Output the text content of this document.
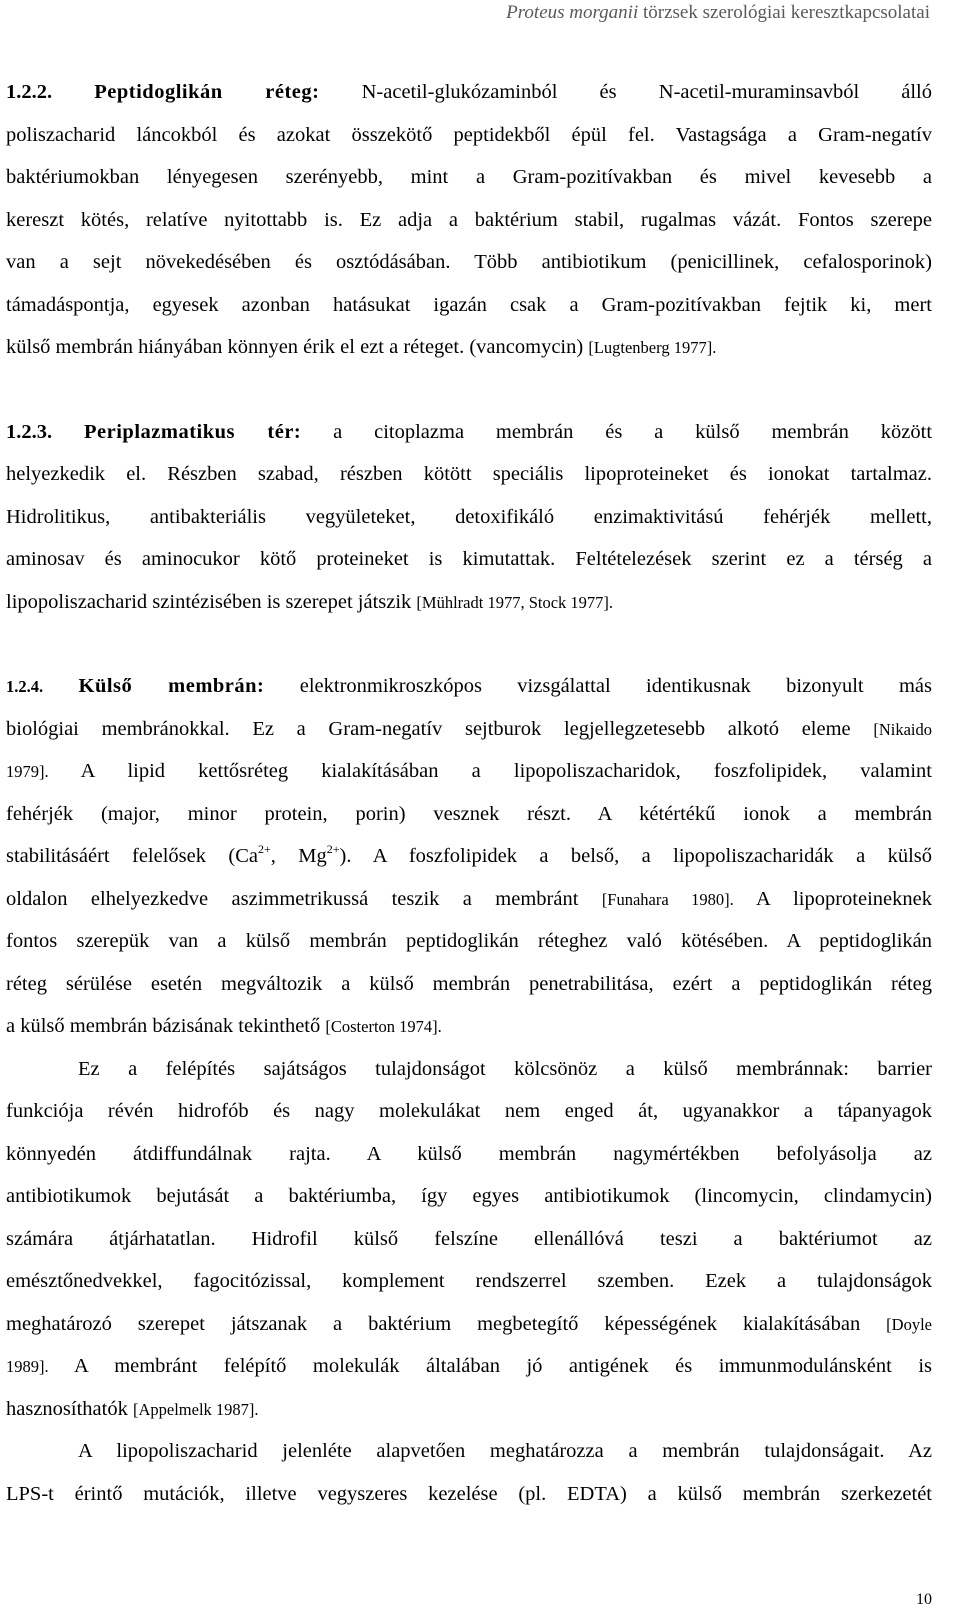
Proteus morganii törzsek szerológiai keresztkapcsolatai
1.2.2. Peptidoglikán réteg: N-acetil-glukózaminból és N-acetil-muraminsavból álló
poliszacharid láncokból és azokat összekötő peptidekből épül fel. Vastagsága a Gram-negatív
baktériumokban lényegesen szerényebb, mint a Gram-pozitívakban és mivel kevesebb a
kereszt kötés, relatíve nyitottabb is. Ez adja a baktérium stabil, rugalmas vázát. Fontos szerepe
van a sejt növekedésében és osztódásában. Több antibiotikum (penicillinek, cefalosporinok)
támadáspontja, egyesek azonban hatásukat igazán csak a Gram-pozitívakban fejtik ki, mert
külső membrán hiányában könnyen érik el ezt a réteget. (vancomycin) [Lugtenberg 1977].
1.2.3. Periplazmatikus tér: a citoplazma membrán és a külső membrán között
helyezkedik el. Részben szabad, részben kötött speciális lipoproteineket és ionokat tartalmaz.
Hidrolitikus, antibakteriális vegyületeket, detoxifikáló enzimaktivitású fehérjék mellett,
aminosav és aminocukor kötő proteineket is kimutattak. Feltételezések szerint ez a térség a
lipopoliszacharid szintézisében is szerepet játszik [Mühlradt 1977, Stock 1977].
1.2.4. Külső membrán: elektronmikroszkópos vizsgálattal identikusnak bizonyult más
biológiai membránokkal. Ez a Gram-negatív sejtburok legjellegzetesebb alkotó eleme [Nikaido
1979]. A lipid kettősréteg kialakításában a lipopoliszacharidok, foszfolipidek, valamint
fehérjék (major, minor protein, porin) vesznek részt. A kétértékű ionok a membrán
stabilitásáért felelősek ($Ca^{2+}$, $Mg^{2+}$). A foszfolipidek a belső, a lipopoliszacharidák a külső
oldalon elhelyezkedve aszimmetrikussá teszik a membránt [Funahara 1980]. A lipoproteineknek
fontos szerepük van a külső membrán peptidoglikán réteghez való kötésében. A peptidoglikán
réteg sérülése esetén megváltozik a külső membrán penetrabilitása, ezért a peptidoglikán réteg
a külső membrán bázisának tekinthető [Costerton 1974].
Ez a felépítés sajátságos tulajdonságot kölcsönöz a külső membránnak: barrier
funkciója révén hidrofób és nagy molekulákat nem enged át, ugyanakkor a tápanyagok
könnyedén átdiffundálnak rajta. A külső membrán nagymértékben befolyásolja az
antibiotikumok bejutását a baktériumba, így egyes antibiotikumok (lincomycin, clindamycin)
számára átjárhatatlan. Hidrofil külső felszíne ellenállóvá teszi a baktériumot az
emésztőnedvekkel, fagocitózissal, komplement rendszerrel szemben. Ezek a tulajdonságok
meghatározó szerepet játszanak a baktérium megbetegítő képességének kialakításában [Doyle
1989]. A membránt felépítő molekulák általában jó antigének és immunmodulánsként is
hasznosíthatók [Appelmelk 1987].
A lipopoliszacharid jelenléte alapvetően meghatározza a membrán tulajdonságait. Az
LPS-t érintő mutációk, illetve vegyszeres kezelése (pl. EDTA) a külső membrán szerkezetét
10
